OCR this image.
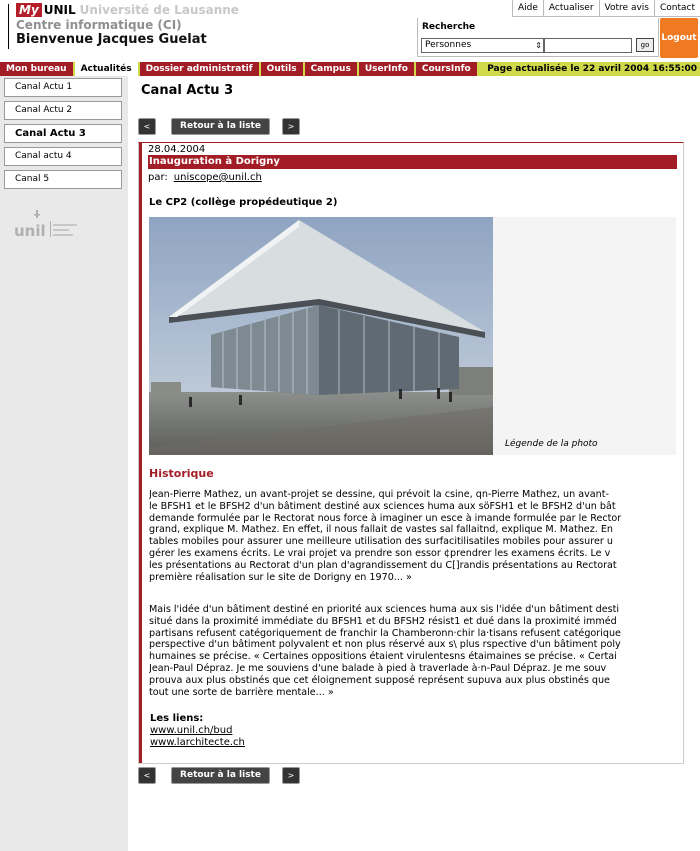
My UNIL Université de Lausanne
Centre informatique (CI)
Bienvenue Jacques Guelat
Aide	Actualiser	Votre avis	Contact
Recherche
Personnes	⇕	go
Logout
Mon bureau	Actualités	Dossier administratif	Outils	Campus	UserInfo	CoursInfo	Page actualisée le 22 avril 2004 16:55:00
Canal Actu 1
Canal Actu 2
Canal Actu 3
Canal actu 4
Canal 5
unil
Canal Actu 3
<	Retour à la liste	>
28.04.2004
Inauguration à Dorigny
par: uniscope@unil.ch
Le CP2 (collège propédeutique 2)
Légende de la photo
Historique
Jean-Pierre Mathez, un avant-projet se dessine, qui prévoit la csine, qn-Pierre Mathez, un avant-
le BFSH1 et le BFSH2 d'un bâtiment destiné aux sciences huma aux söFSH1 et le BFSH2 d'un bât
demande formulée par le Rectorat nous force à imaginer un esce à imande formulée par le Rector
grand, explique M. Mathez. En effet, il nous fallait de vastes sal fallaitnd, explique M. Mathez. En
tables mobiles pour assurer une meilleure utilisation des surfacitilisatiles mobiles pour assurer u
gérer les examens écrits. Le vrai projet va prendre son essor ¢prendrer les examens écrits. Le v
les présentations au Rectorat d'un plan d'agrandissement du C[]randis présentations au Rectorat
première réalisation sur le site de Dorigny en 1970... »
Mais l'idée d'un bâtiment destiné en priorité aux sciences huma aux sis l'idée d'un bâtiment desti
situé dans la proximité immédiate du BFSH1 et du BFSH2 résist1 et dué dans la proximité imméd
partisans refusent catégoriquement de franchir la Chamberonn·chir la·tisans refusent catégorique
perspective d'un bâtiment polyvalent et non plus réservé aux s\ plus rspective d'un bâtiment poly
humaines se précise. « Certaines oppositions étaient virulentesns étaimaines se précise. « Certai
Jean-Paul Dépraz. Je me souviens d'une balade à pied à traverlade à·n-Paul Dépraz. Je me souv
prouva aux plus obstinés que cet éloignement supposé représent supuva aux plus obstinés que
tout une sorte de barrière mentale... »
Les liens:
www.unil.ch/bud
www.larchitecte.ch
<	Retour à la liste	>
